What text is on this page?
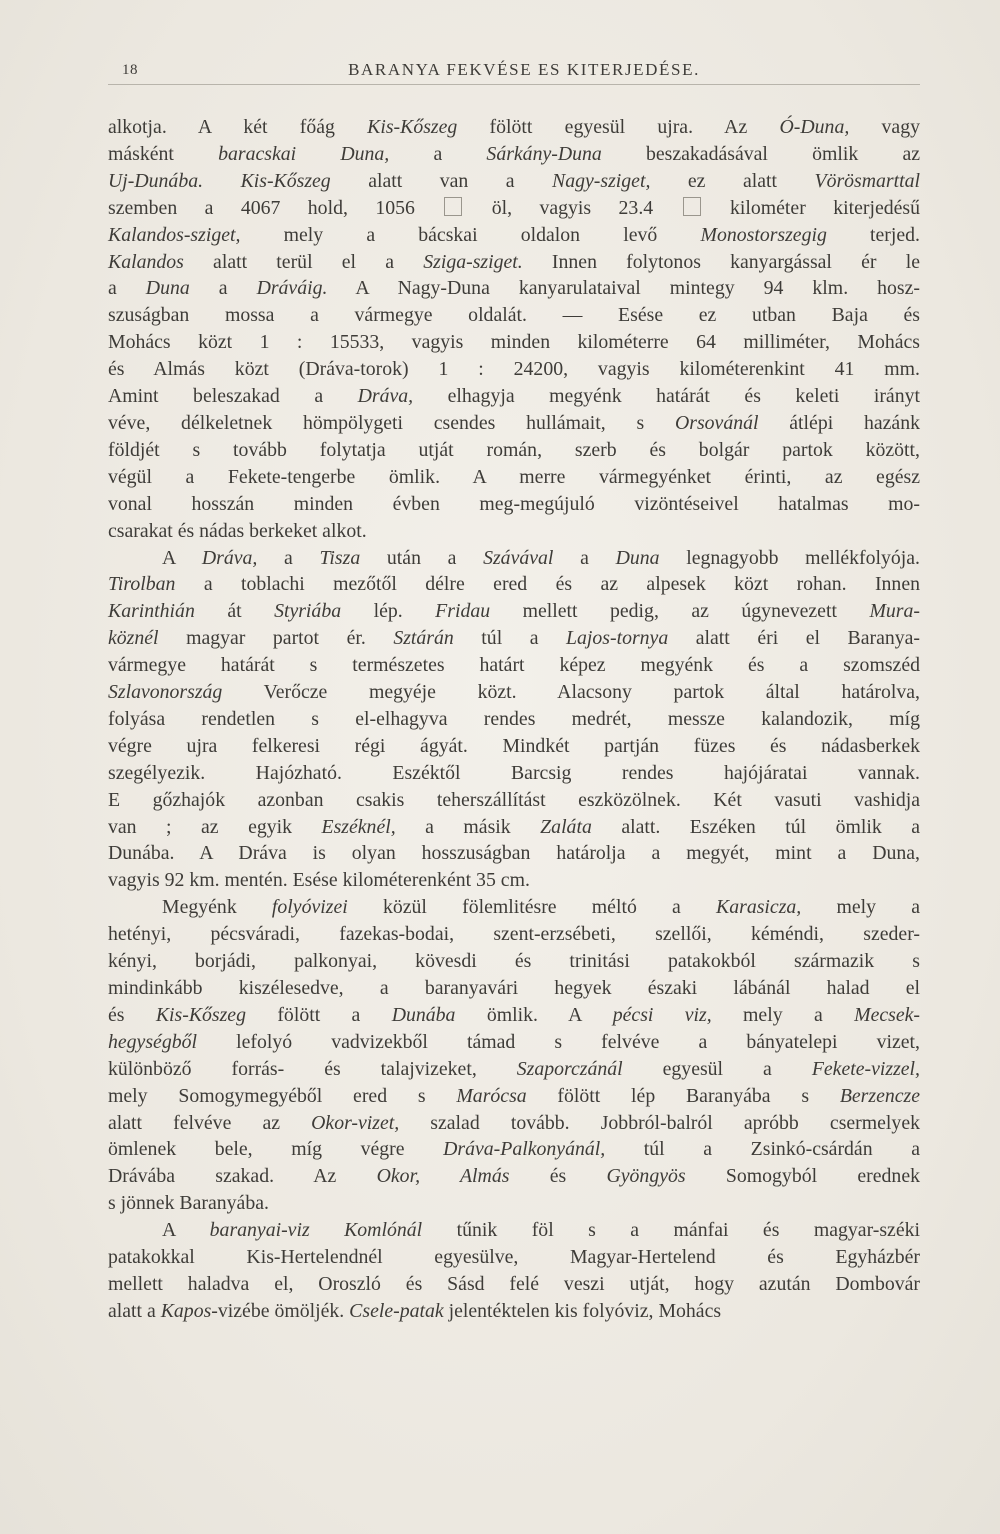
18	BARANYA FEKVÉSE ES KITERJEDÉSE.
alkotja. A két főág Kis-Kőszeg fölött egyesül ujra. Az Ó-Duna, vagy
másként baracskai Duna, a Sárkány-Duna beszakadásával ömlik az
Uj-Dunába. Kis-Kőszeg alatt van a Nagy-sziget, ez alatt Vörösmarttal
szemben a 4067 hold, 1056  öl, vagyis 23.4  kilométer kiterjedésű
Kalandos-sziget, mely a bácskai oldalon levő Monostorszegig terjed.
Kalandos alatt terül el a Sziga-sziget. Innen folytonos kanyargással ér le
a Duna a Dráváig. A Nagy-Duna kanyarulataival mintegy 94 klm. hosz-
szuságban mossa a vármegye oldalát. — Esése ez utban Baja és
Mohács közt 1 : 15533, vagyis minden kilométerre 64 milliméter, Mohács
és Almás közt (Dráva-torok) 1 : 24200, vagyis kilométerenkint 41 mm.
Amint beleszakad a Dráva, elhagyja megyénk határát és keleti irányt
véve, délkeletnek hömpölygeti csendes hullámait, s Orsovánál átlépi hazánk
földjét s tovább folytatja utját román, szerb és bolgár partok között,
végül a Fekete-tengerbe ömlik. A merre vármegyénket érinti, az egész
vonal hosszán minden évben meg-megújuló vizöntéseivel hatalmas mo-
csarakat és nádas berkeket alkot.
A Dráva, a Tisza után a Szávával a Duna legnagyobb mellékfolyója.
Tirolban a toblachi mezőtől délre ered és az alpesek közt rohan. Innen
Karinthián át Styriába lép. Fridau mellett pedig, az úgynevezett Mura-
köznél magyar partot ér. Sztárán túl a Lajos-tornya alatt éri el Baranya-
vármegye határát s természetes határt képez megyénk és a szomszéd
Szlavonország Verőcze megyéje közt. Alacsony partok által határolva,
folyása rendetlen s el-elhagyva rendes medrét, messze kalandozik, míg
végre ujra felkeresi régi ágyát. Mindkét partján füzes és nádasberkek
szegélyezik. Hajózható. Eszéktől Barcsig rendes hajójáratai vannak.
E gőzhajók azonban csakis teherszállítást eszközölnek. Két vasuti vashidja
van ; az egyik Eszéknél, a másik Zaláta alatt. Eszéken túl ömlik a
Dunába. A Dráva is olyan hosszuságban határolja a megyét, mint a Duna,
vagyis 92 km. mentén. Esése kilométerenként 35 cm.
Megyénk folyóvizei közül fölemlitésre méltó a Karasicza, mely a
hetényi, pécsváradi, fazekas-bodai, szent-erzsébeti, szellői, kéméndi, szeder-
kényi, borjádi, palkonyai, kövesdi és trinitási patakokból származik s
mindinkább kiszélesedve, a baranyavári hegyek északi lábánál halad el
és Kis-Kőszeg fölött a Dunába ömlik. A pécsi viz, mely a Mecsek-
hegységből lefolyó vadvizekből támad s felvéve a bányatelepi vizet,
különböző forrás- és talajvizeket, Szaporczánál egyesül a Fekete-vizzel,
mely Somogymegyéből ered s Marócsa fölött lép Baranyába s Berzencze
alatt felvéve az Okor-vizet, szalad tovább. Jobbról-balról apróbb csermelyek
ömlenek bele, míg végre Dráva-Palkonyánál, túl a Zsinkó-csárdán a
Drávába szakad. Az Okor, Almás és Gyöngyös Somogyból erednek
s jönnek Baranyába.
A baranyai-viz Komlónál tűnik föl s a mánfai és magyar-széki
patakokkal Kis-Hertelendnél egyesülve, Magyar-Hertelend és Egyházbér
mellett haladva el, Oroszló és Sásd felé veszi utját, hogy azután Dombovár
alatt a Kapos-vizébe ömöljék. Csele-patak jelentéktelen kis folyóviz, Mohács
